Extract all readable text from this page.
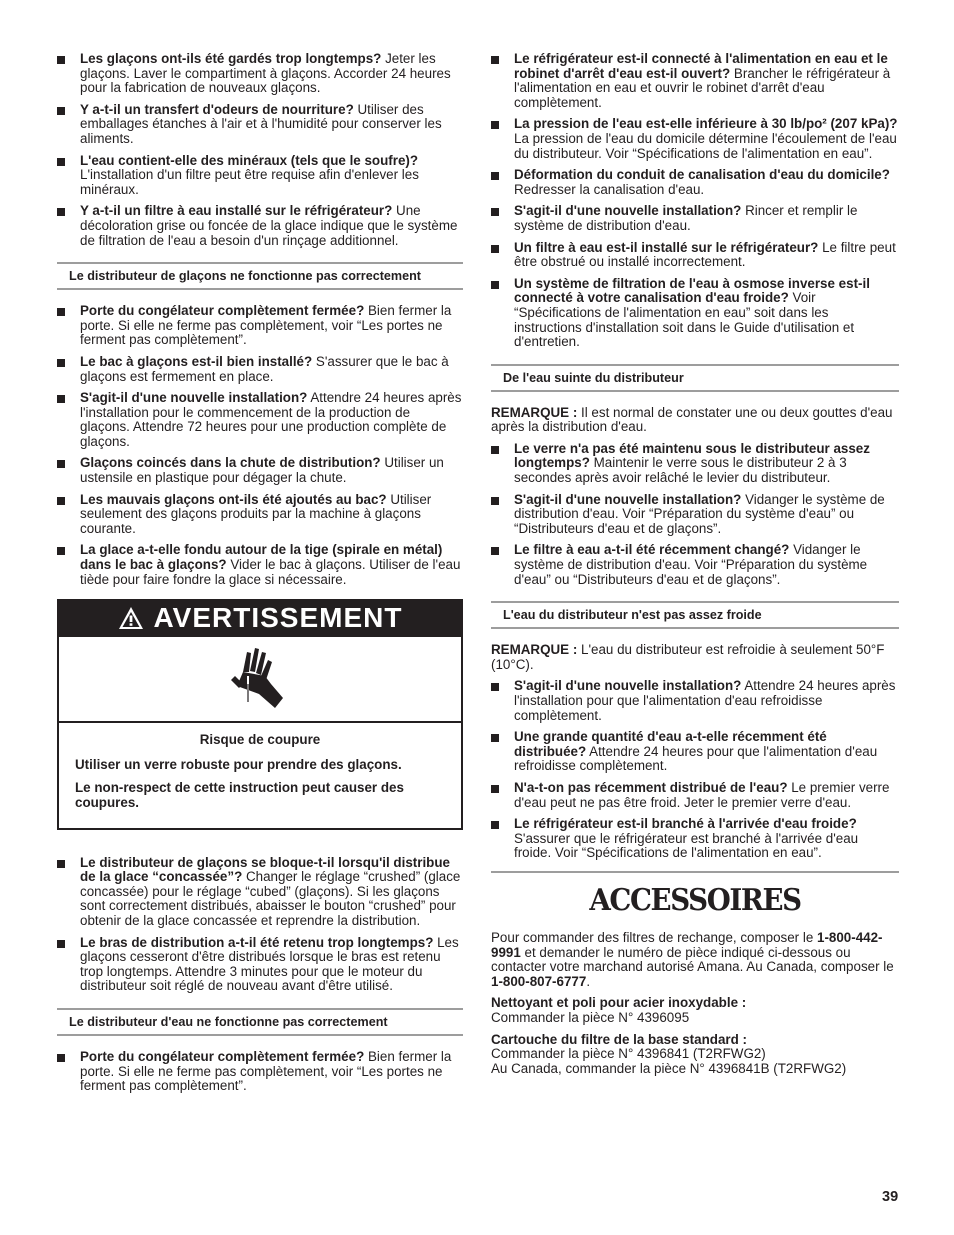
Les glaçons ont-ils été gardés trop longtemps? Jeter les glaçons. Laver le compartiment à glaçons. Accorder 24 heures pour la fabrication de nouveaux glaçons.
Y a-t-il un transfert d'odeurs de nourriture? Utiliser des emballages étanches à l'air et à l'humidité pour conserver les aliments.
L'eau contient-elle des minéraux (tels que le soufre)? L'installation d'un filtre peut être requise afin d'enlever les minéraux.
Y a-t-il un filtre à eau installé sur le réfrigérateur? Une décoloration grise ou foncée de la glace indique que le système de filtration de l'eau a besoin d'un rinçage additionnel.
Le distributeur de glaçons ne fonctionne pas correctement
Porte du congélateur complètement fermée? Bien fermer la porte. Si elle ne ferme pas complètement, voir “Les portes ne ferment pas complètement”.
Le bac à glaçons est-il bien installé? S'assurer que le bac à glaçons est fermement en place.
S'agit-il d'une nouvelle installation? Attendre 24 heures après l'installation pour le commencement de la production de glaçons. Attendre 72 heures pour une production complète de glaçons.
Glaçons coincés dans la chute de distribution? Utiliser un ustensile en plastique pour dégager la chute.
Les mauvais glaçons ont-ils été ajoutés au bac? Utiliser seulement des glaçons produits par la machine à glaçons courante.
La glace a-t-elle fondu autour de la tige (spirale en métal) dans le bac à glaçons? Vider le bac à glaçons. Utiliser de l'eau tiède pour faire fondre la glace si nécessaire.
AVERTISSEMENT
Risque de coupure
Utiliser un verre robuste pour prendre des glaçons.
Le non-respect de cette instruction peut causer des coupures.
Le distributeur de glaçons se bloque-t-il lorsqu'il distribue de la glace “concassée”? Changer le réglage “crushed” (glace concassée) pour le réglage “cubed” (glaçons). Si les glaçons sont correctement distribués, abaisser le bouton “crushed” pour obtenir de la glace concassée et reprendre la distribution.
Le bras de distribution a-t-il été retenu trop longtemps? Les glaçons cesseront d'être distribués lorsque le bras est retenu trop longtemps. Attendre 3 minutes pour que le moteur du distributeur soit réglé de nouveau avant d'être utilisé.
Le distributeur d'eau ne fonctionne pas correctement
Porte du congélateur complètement fermée? Bien fermer la porte. Si elle ne ferme pas complètement, voir “Les portes ne ferment pas complètement”.
Le réfrigérateur est-il connecté à l'alimentation en eau et le robinet d'arrêt d'eau est-il ouvert? Brancher le réfrigérateur à l'alimentation en eau et ouvrir le robinet d'arrêt d'eau complètement.
La pression de l'eau est-elle inférieure à 30 lb/po² (207 kPa)? La pression de l'eau du domicile détermine l'écoulement de l'eau du distributeur. Voir “Spécifications de l'alimentation en eau”.
Déformation du conduit de canalisation d'eau du domicile? Redresser la canalisation d'eau.
S'agit-il d'une nouvelle installation? Rincer et remplir le système de distribution d'eau.
Un filtre à eau est-il installé sur le réfrigérateur? Le filtre peut être obstrué ou installé incorrectement.
Un système de filtration de l'eau à osmose inverse est-il connecté à votre canalisation d'eau froide? Voir “Spécifications de l'alimentation en eau” soit dans les instructions d'installation soit dans le Guide d'utilisation et d'entretien.
De l'eau suinte du distributeur

REMARQUE : Il est normal de constater une ou deux gouttes d'eau après la distribution d'eau.

Le verre n'a pas été maintenu sous le distributeur assez longtemps? Maintenir le verre sous le distributeur 2 à 3 secondes après avoir relâché le levier du distributeur.
S'agit-il d'une nouvelle installation? Vidanger le système de distribution d'eau. Voir “Préparation du système d'eau” ou “Distributeurs d'eau et de glaçons”.
Le filtre à eau a-t-il été récemment changé? Vidanger le système de distribution d'eau. Voir “Préparation du système d'eau” ou “Distributeurs d'eau et de glaçons”.
L'eau du distributeur n'est pas assez froide

REMARQUE : L'eau du distributeur est refroidie à seulement 50°F (10°C).

S'agit-il d'une nouvelle installation? Attendre 24 heures après l'installation pour que l'alimentation d'eau refroidisse complètement.
Une grande quantité d'eau a-t-elle récemment été distribuée? Attendre 24 heures pour que l'alimentation d'eau refroidisse complètement.
N'a-t-on pas récemment distribué de l'eau? Le premier verre d'eau peut ne pas être froid. Jeter le premier verre d'eau.
Le réfrigérateur est-il branché à l'arrivée d'eau froide? S'assurer que le réfrigérateur est branché à l'arrivée d'eau froide. Voir “Spécifications de l'alimentation en eau”.
ACCESSOIRES

Pour commander des filtres de rechange, composer le 1-800-442-9991 et demander le numéro de pièce indiqué ci-dessous ou contacter votre marchand autorisé Amana. Au Canada, composer le 1-800-807-6777.

Nettoyant et poli pour acier inoxydable :
Commander la pièce N° 4396095

Cartouche du filtre de la base standard :
Commander la pièce N° 4396841 (T2RFWG2)
Au Canada, commander la pièce N° 4396841B (T2RFWG2)

39
